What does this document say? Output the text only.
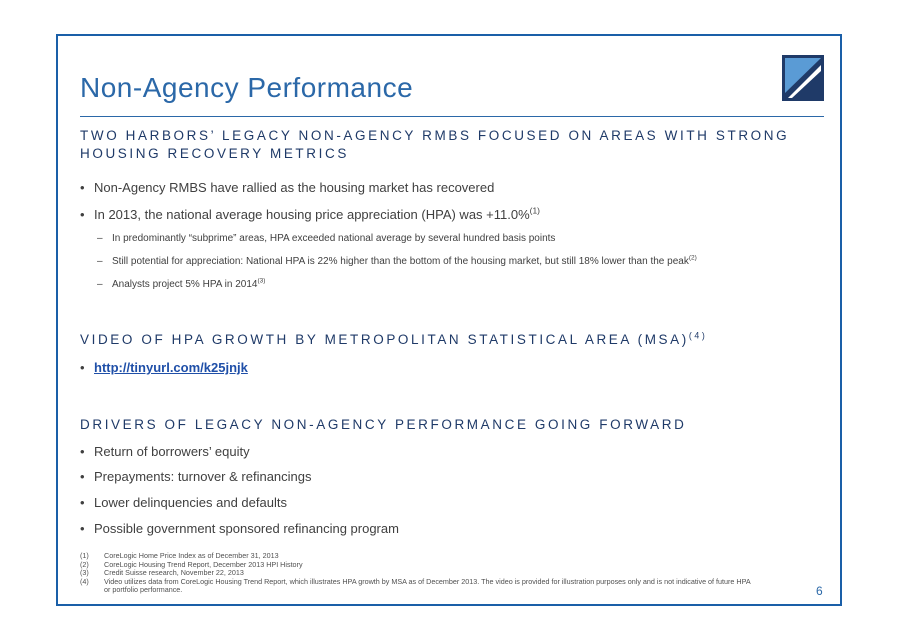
Non-Agency Performance
TWO HARBORS’ LEGACY NON-AGENCY RMBS FOCUSED ON AREAS WITH STRONG
HOUSING RECOVERY METRICS
• Non-Agency RMBS have rallied as the housing market has recovered
• In 2013, the national average housing price appreciation (HPA) was +11.0%$^{(1)}$
– In predominantly “subprime” areas, HPA exceeded national average by several hundred basis points
– Still potential for appreciation: National HPA is 22% higher than the bottom of the housing market, but still 18% lower than the peak$^{(2)}$
– Analysts project 5% HPA in 2014$^{(3)}$
VIDEO OF HPA GROWTH BY METROPOLITAN STATISTICAL AREA (MSA)$^{(4)}$
• http://tinyurl.com/k25jnjk
DRIVERS OF LEGACY NON-AGENCY PERFORMANCE GOING FORWARD
• Return of borrowers’ equity
• Prepayments: turnover & refinancings
• Lower delinquencies and defaults
• Possible government sponsored refinancing program
(1) CoreLogic Home Price Index as of December 31, 2013
(2) CoreLogic Housing Trend Report, December 2013 HPI History
(3) Credit Suisse research, November 22, 2013
(4) Video utilizes data from CoreLogic Housing Trend Report, which illustrates HPA growth by MSA as of December 2013. The video is provided for illustration purposes only and is not indicative of future HPA
or portfolio performance.	6
